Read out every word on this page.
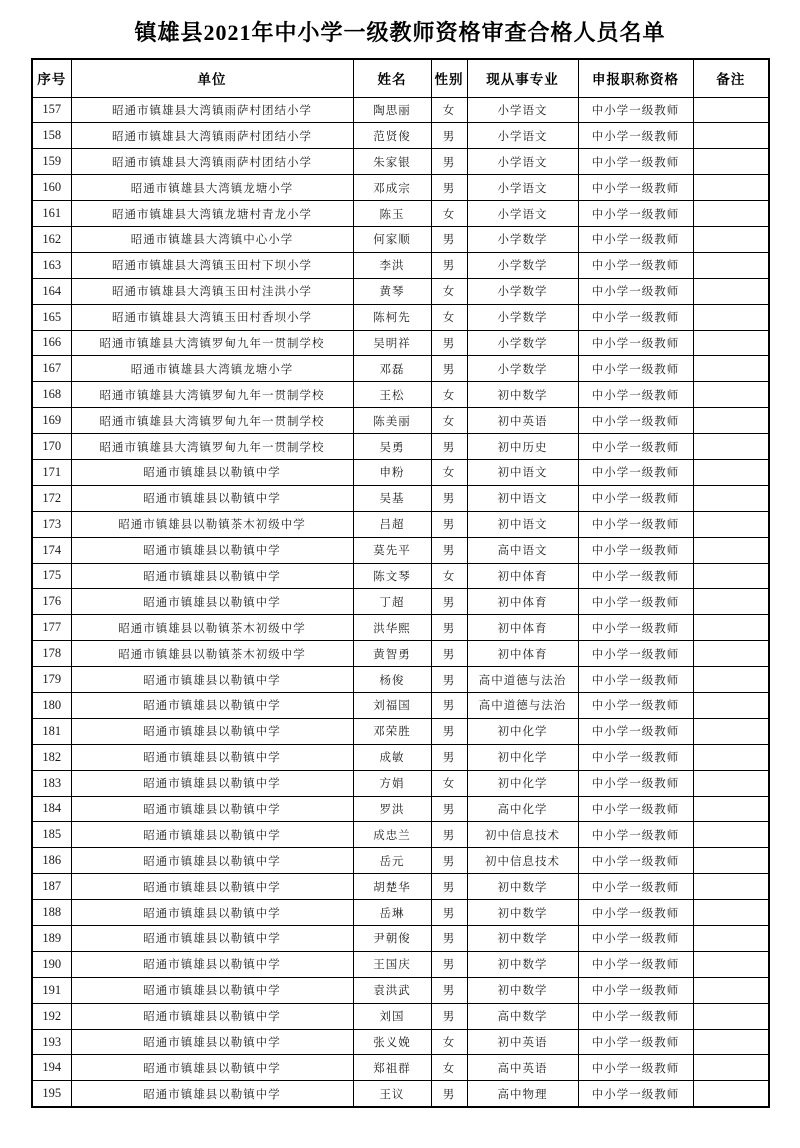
镇雄县2021年中小学一级教师资格审查合格人员名单
序号	单位	姓名	性别	现从事专业	申报职称资格	备注
157	昭通市镇雄县大湾镇雨萨村团结小学	陶思丽	女	小学语文	中小学一级教师	
158	昭通市镇雄县大湾镇雨萨村团结小学	范贤俊	男	小学语文	中小学一级教师	
159	昭通市镇雄县大湾镇雨萨村团结小学	朱家银	男	小学语文	中小学一级教师	
160	昭通市镇雄县大湾镇龙塘小学	邓成宗	男	小学语文	中小学一级教师	
161	昭通市镇雄县大湾镇龙塘村青龙小学	陈玉	女	小学语文	中小学一级教师	
162	昭通市镇雄县大湾镇中心小学	何家顺	男	小学数学	中小学一级教师	
163	昭通市镇雄县大湾镇玉田村下坝小学	李洪	男	小学数学	中小学一级教师	
164	昭通市镇雄县大湾镇玉田村洼洪小学	黄琴	女	小学数学	中小学一级教师	
165	昭通市镇雄县大湾镇玉田村香坝小学	陈柯先	女	小学数学	中小学一级教师	
166	昭通市镇雄县大湾镇罗甸九年一贯制学校	吴明祥	男	小学数学	中小学一级教师	
167	昭通市镇雄县大湾镇龙塘小学	邓磊	男	小学数学	中小学一级教师	
168	昭通市镇雄县大湾镇罗甸九年一贯制学校	王松	女	初中数学	中小学一级教师	
169	昭通市镇雄县大湾镇罗甸九年一贯制学校	陈美丽	女	初中英语	中小学一级教师	
170	昭通市镇雄县大湾镇罗甸九年一贯制学校	吴勇	男	初中历史	中小学一级教师	
171	昭通市镇雄县以勒镇中学	申粉	女	初中语文	中小学一级教师	
172	昭通市镇雄县以勒镇中学	吴基	男	初中语文	中小学一级教师	
173	昭通市镇雄县以勒镇茶木初级中学	吕超	男	初中语文	中小学一级教师	
174	昭通市镇雄县以勒镇中学	莫先平	男	高中语文	中小学一级教师	
175	昭通市镇雄县以勒镇中学	陈文琴	女	初中体育	中小学一级教师	
176	昭通市镇雄县以勒镇中学	丁超	男	初中体育	中小学一级教师	
177	昭通市镇雄县以勒镇茶木初级中学	洪华熙	男	初中体育	中小学一级教师	
178	昭通市镇雄县以勒镇茶木初级中学	黄智勇	男	初中体育	中小学一级教师	
179	昭通市镇雄县以勒镇中学	杨俊	男	高中道德与法治	中小学一级教师	
180	昭通市镇雄县以勒镇中学	刘福国	男	高中道德与法治	中小学一级教师	
181	昭通市镇雄县以勒镇中学	邓荣胜	男	初中化学	中小学一级教师	
182	昭通市镇雄县以勒镇中学	成敏	男	初中化学	中小学一级教师	
183	昭通市镇雄县以勒镇中学	方娟	女	初中化学	中小学一级教师	
184	昭通市镇雄县以勒镇中学	罗洪	男	高中化学	中小学一级教师	
185	昭通市镇雄县以勒镇中学	成忠兰	男	初中信息技术	中小学一级教师	
186	昭通市镇雄县以勒镇中学	岳元	男	初中信息技术	中小学一级教师	
187	昭通市镇雄县以勒镇中学	胡楚华	男	初中数学	中小学一级教师	
188	昭通市镇雄县以勒镇中学	岳琳	男	初中数学	中小学一级教师	
189	昭通市镇雄县以勒镇中学	尹朝俊	男	初中数学	中小学一级教师	
190	昭通市镇雄县以勒镇中学	王国庆	男	初中数学	中小学一级教师	
191	昭通市镇雄县以勒镇中学	袁洪武	男	初中数学	中小学一级教师	
192	昭通市镇雄县以勒镇中学	刘国	男	高中数学	中小学一级教师	
193	昭通市镇雄县以勒镇中学	张义娩	女	初中英语	中小学一级教师	
194	昭通市镇雄县以勒镇中学	郑祖群	女	高中英语	中小学一级教师	
195	昭通市镇雄县以勒镇中学	王议	男	高中物理	中小学一级教师	
